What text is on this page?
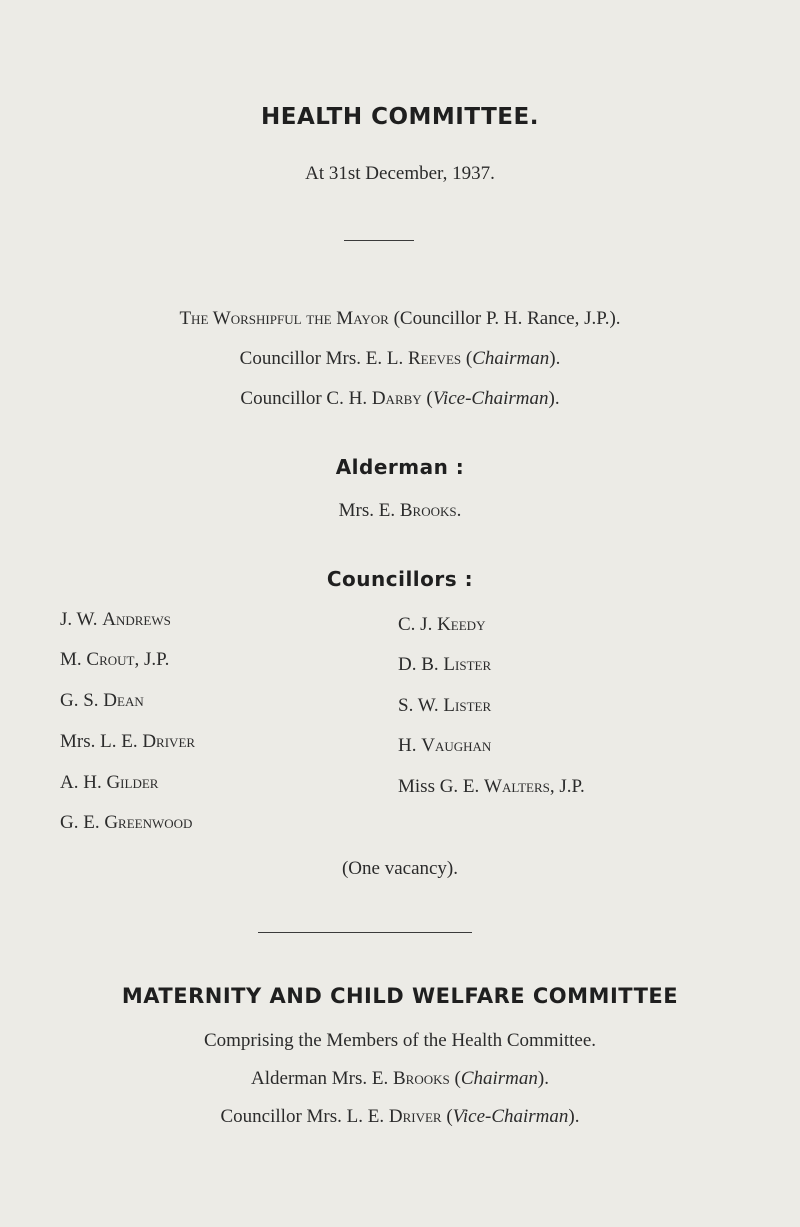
HEALTH COMMITTEE.
At 31st December, 1937.
The Worshipful the Mayor (Councillor P. H. Rance, J.P.).
Councillor Mrs. E. L. Reeves (Chairman).
Councillor C. H. Darby (Vice-Chairman).
Alderman :
Mrs. E. Brooks.
Councillors :
J. W. Andrews
M. Crout, J.P.
G. S. Dean
Mrs. L. E. Driver
A. H. Gilder
G. E. Greenwood
C. J. Keedy
D. B. Lister
S. W. Lister
H. Vaughan
Miss G. E. Walters, J.P.
(One vacancy).
MATERNITY AND CHILD WELFARE COMMITTEE
Comprising the Members of the Health Committee.
Alderman Mrs. E. Brooks (Chairman).
Councillor Mrs. L. E. Driver (Vice-Chairman).
